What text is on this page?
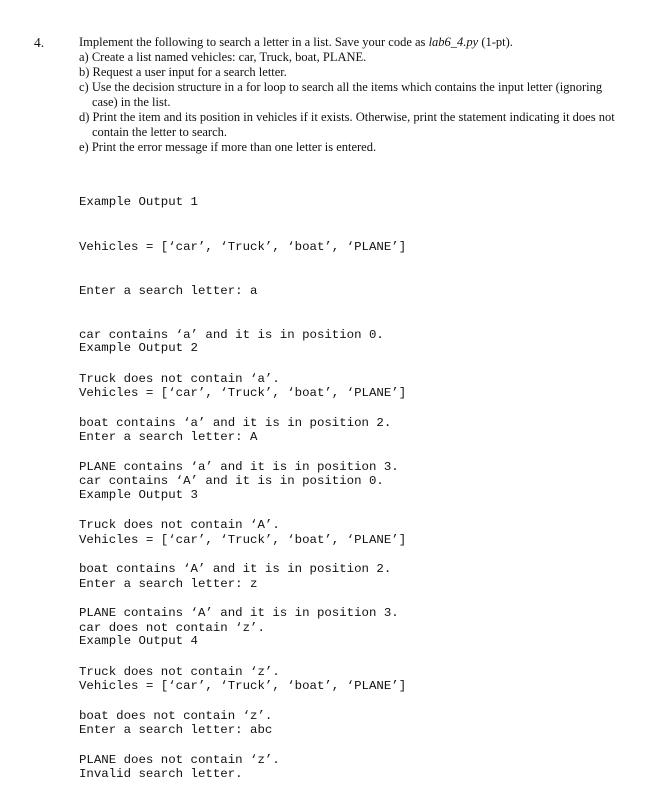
4.	Implement the following to search a letter in a list. Save your code as lab6_4.py (1-pt).
a) Create a list named vehicles: car, Truck, boat, PLANE.
b) Request a user input for a search letter.
c) Use the decision structure in a for loop to search all the items which contains the input letter (ignoring
case) in the list.
d) Print the item and its position in vehicles if it exists. Otherwise, print the statement indicating it does not
contain the letter to search.
e) Print the error message if more than one letter is entered.

Example Output 1

Vehicles = [‘car’, ‘Truck’, ‘boat’, ‘PLANE’]

Enter a search letter: a

car contains ‘a’ and it is in position 0.

Truck does not contain ‘a’.

boat contains ‘a’ and it is in position 2.

PLANE contains ‘a’ and it is in position 3.

Example Output 2

Vehicles = [‘car’, ‘Truck’, ‘boat’, ‘PLANE’]

Enter a search letter: A

car contains ‘A’ and it is in position 0.

Truck does not contain ‘A’.

boat contains ‘A’ and it is in position 2.

PLANE contains ‘A’ and it is in position 3.

Example Output 3

Vehicles = [‘car’, ‘Truck’, ‘boat’, ‘PLANE’]

Enter a search letter: z

car does not contain ‘z’.

Truck does not contain ‘z’.

boat does not contain ‘z’.

PLANE does not contain ‘z’.

Example Output 4

Vehicles = [‘car’, ‘Truck’, ‘boat’, ‘PLANE’]

Enter a search letter: abc

Invalid search letter.
